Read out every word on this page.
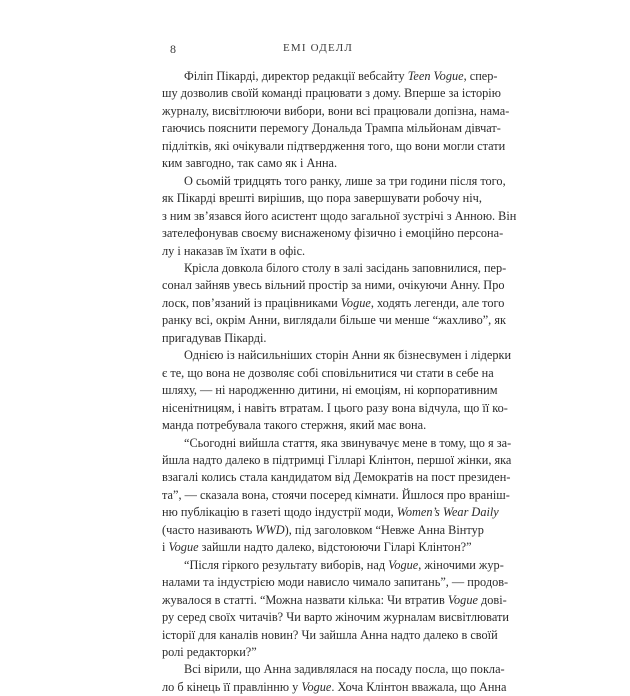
8	ЕМІ ОДЕЛЛ
Філіп Пікарді, директор редакції вебсайту Teen Vogue, спер-
шу дозволив своїй команді працювати з дому. Вперше за історію
журналу, висвітлюючи вибори, вони всі працювали допізна, нама-
гаючись пояснити перемогу Дональда Трампа мільйонам дівчат-
підлітків, які очікували підтвердження того, що вони могли стати
ким завгодно, так само як і Анна.
О сьомій тридцять того ранку, лише за три години після того,
як Пікарді врешті вирішив, що пора завершувати робочу ніч,
з ним зв’язався його асистент щодо загальної зустрічі з Анною. Він
зателефонував своєму виснаженому фізично і емоційно персона-
лу і наказав їм їхати в офіс.
Крісла довкола білого столу в залі засідань заповнилися, пер-
сонал зайняв увесь вільний простір за ними, очікуючи Анну. Про
лоск, пов’язаний із працівниками Vogue, ходять легенди, але того
ранку всі, окрім Анни, виглядали більше чи менше “жахливо”, як
пригадував Пікарді.
Однією із найсильніших сторін Анни як бізнесвумен і лідерки
є те, що вона не дозволяє собі сповільнитися чи стати в себе на
шляху, — ні народженню дитини, ні емоціям, ні корпоративним
нісенітницям, і навіть втратам. І цього разу вона відчула, що її ко-
манда потребувала такого стержня, який має вона.
“Сьогодні вийшла стаття, яка звинувачує мене в тому, що я за-
йшла надто далеко в підтримці Гілларі Клінтон, першої жінки, яка
взагалі колись стала кандидатом від Демократів на пост президен-
та”, — сказала вона, стоячи посеред кімнати. Йшлося про враніш-
ню публікацію в газеті щодо індустрії моди, Women’s Wear Daily
(часто називають WWD), під заголовком “Невже Анна Вінтур
і Vogue зайшли надто далеко, відстоюючи Гіларі Клінтон?”
“Після гіркого результату виборів, над Vogue, жіночими жур-
налами та індустрією моди нависло чимало запитань”, — продов-
жувалося в статті. “Можна назвати кілька: Чи втратив Vogue дові-
ру серед своїх читачів? Чи варто жіночим журналам висвітлювати
історії для каналів новин? Чи зайшла Анна надто далеко в своїй
ролі редакторки?”
Всі вірили, що Анна задивлялася на посаду посла, що покла-
ло б кінець її правлінню у Vogue. Хоча Клінтон вважала, що Анна
